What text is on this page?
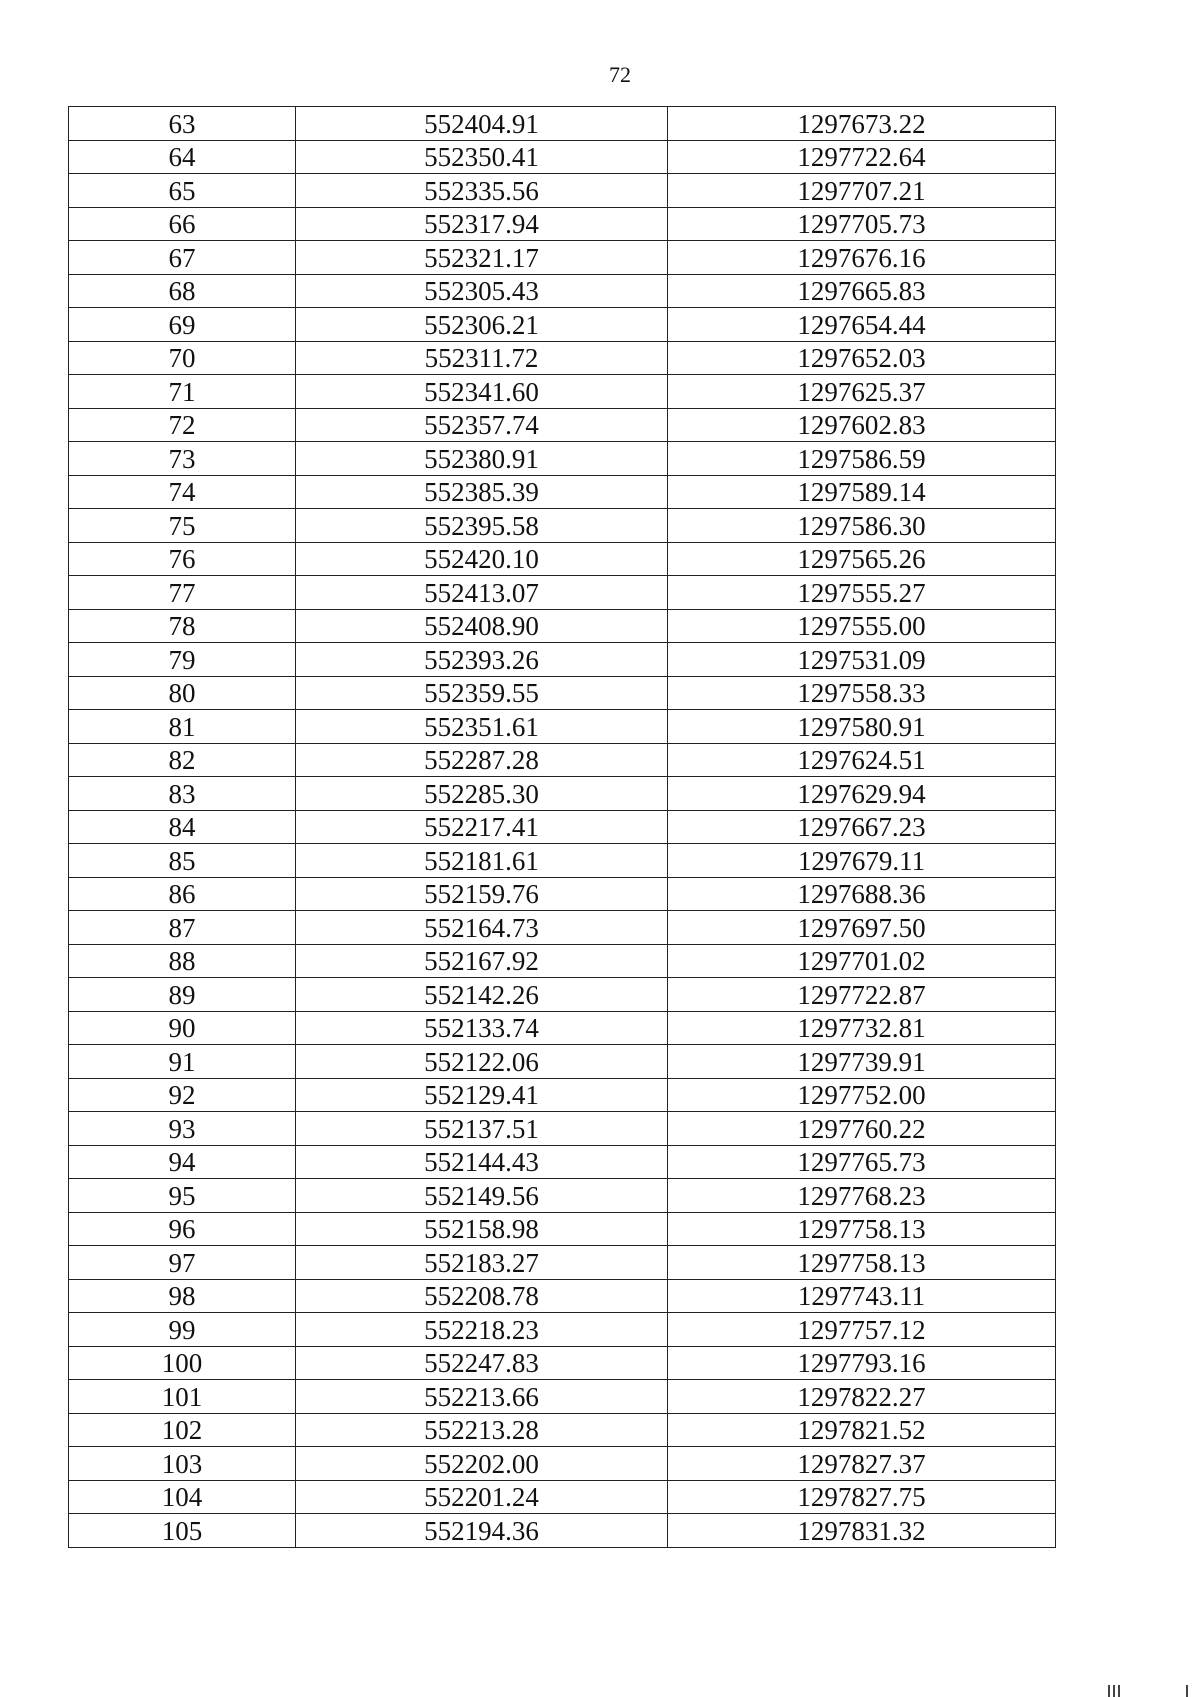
72
63	552404.91	1297673.22
64	552350.41	1297722.64
65	552335.56	1297707.21
66	552317.94	1297705.73
67	552321.17	1297676.16
68	552305.43	1297665.83
69	552306.21	1297654.44
70	552311.72	1297652.03
71	552341.60	1297625.37
72	552357.74	1297602.83
73	552380.91	1297586.59
74	552385.39	1297589.14
75	552395.58	1297586.30
76	552420.10	1297565.26
77	552413.07	1297555.27
78	552408.90	1297555.00
79	552393.26	1297531.09
80	552359.55	1297558.33
81	552351.61	1297580.91
82	552287.28	1297624.51
83	552285.30	1297629.94
84	552217.41	1297667.23
85	552181.61	1297679.11
86	552159.76	1297688.36
87	552164.73	1297697.50
88	552167.92	1297701.02
89	552142.26	1297722.87
90	552133.74	1297732.81
91	552122.06	1297739.91
92	552129.41	1297752.00
93	552137.51	1297760.22
94	552144.43	1297765.73
95	552149.56	1297768.23
96	552158.98	1297758.13
97	552183.27	1297758.13
98	552208.78	1297743.11
99	552218.23	1297757.12
100	552247.83	1297793.16
101	552213.66	1297822.27
102	552213.28	1297821.52
103	552202.00	1297827.37
104	552201.24	1297827.75
105	552194.36	1297831.32
